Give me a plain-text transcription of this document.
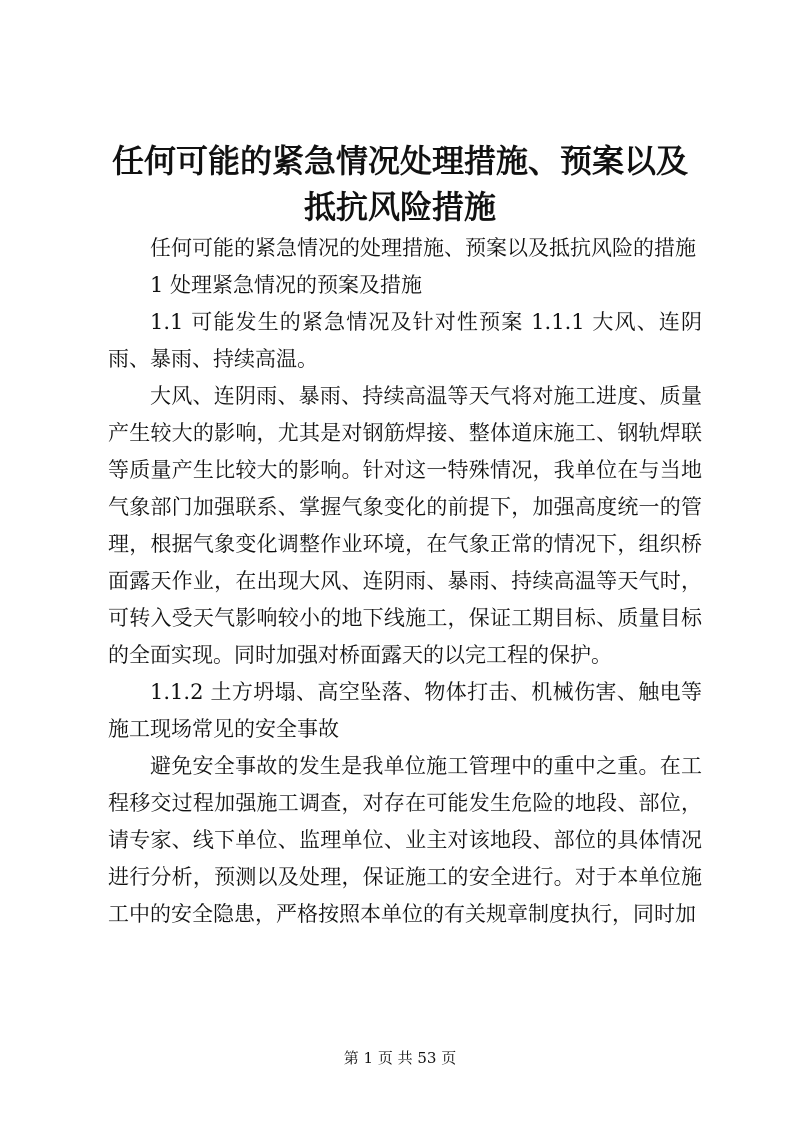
任何可能的紧急情况处理措施、预案以及抵抗风险措施

任何可能的紧急情况的处理措施、预案以及抵抗风险的措施

1 处理紧急情况的预案及措施

1.1 可能发生的紧急情况及针对性预案 1.1.1 大风、连阴雨、暴雨、持续高温。

大风、连阴雨、暴雨、持续高温等天气将对施工进度、质量产生较大的影响，尤其是对钢筋焊接、整体道床施工、钢轨焊联等质量产生比较大的影响。针对这一特殊情况，我单位在与当地气象部门加强联系、掌握气象变化的前提下，加强高度统一的管理，根据气象变化调整作业环境，在气象正常的情况下，组织桥面露天作业，在出现大风、连阴雨、暴雨、持续高温等天气时，可转入受天气影响较小的地下线施工，保证工期目标、质量目标的全面实现。同时加强对桥面露天的以完工程的保护。

1.1.2 土方坍塌、高空坠落、物体打击、机械伤害、触电等施工现场常见的安全事故

避免安全事故的发生是我单位施工管理中的重中之重。在工程移交过程加强施工调查，对存在可能发生危险的地段、部位，请专家、线下单位、监理单位、业主对该地段、部位的具体情况进行分析，预测以及处理，保证施工的安全进行。对于本单位施工中的安全隐患，严格按照本单位的有关规章制度执行，同时加

第 1 页 共 53 页
